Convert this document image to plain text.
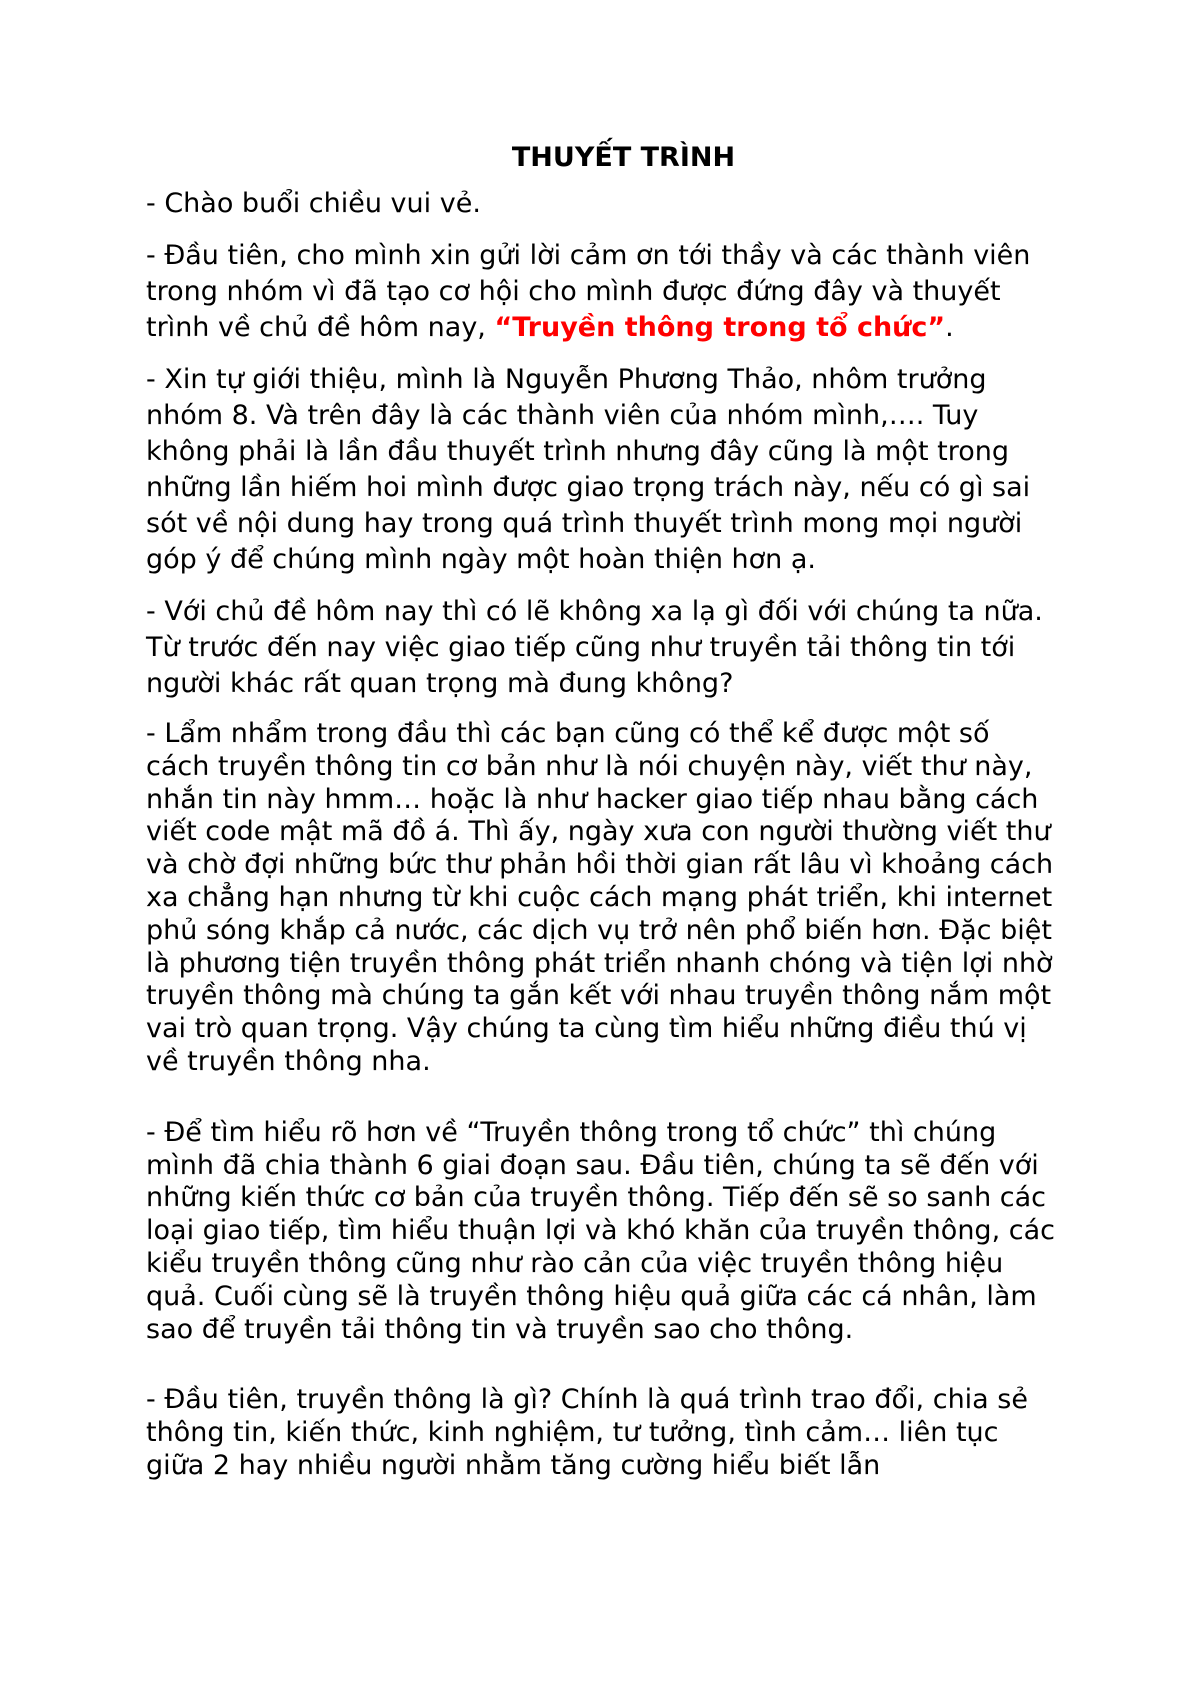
THUYẾT TRÌNH

- Chào buổi chiều vui vẻ.

- Đầu tiên, cho mình xin gửi lời cảm ơn tới thầy và các thành viên trong nhóm vì đã tạo cơ hội cho mình được đứng đây và thuyết trình về chủ đề hôm nay, “Truyền thông trong tổ chức”.

- Xin tự giới thiệu, mình là Nguyễn Phương Thảo, nhôm trưởng nhóm 8. Và trên đây là các thành viên của nhóm mình,…. Tuy không phải là lần đầu thuyết trình nhưng đây cũng là một trong những lần hiếm hoi mình được giao trọng trách này, nếu có gì sai sót về nội dung hay trong quá trình thuyết trình mong mọi người góp ý để chúng mình ngày một hoàn thiện hơn ạ.

- Với chủ đề hôm nay thì có lẽ không xa lạ gì đối với chúng ta nữa. Từ trước đến nay việc giao tiếp cũng như truyền tải thông tin tới người khác rất quan trọng mà đung không?

- Lẩm nhẩm trong đầu thì các bạn cũng có thể kể được một số cách truyền thông tin cơ bản như là nói chuyện này, viết thư này, nhắn tin này hmm… hoặc là như hacker giao tiếp nhau bằng cách viết code mật mã đồ á. Thì ấy, ngày xưa con người thường viết thư và chờ đợi những bức thư phản hồi thời gian rất lâu vì khoảng cách xa chẳng hạn nhưng từ khi cuộc cách mạng phát triển, khi internet phủ sóng khắp cả nước, các dịch vụ trở nên phổ biến hơn. Đặc biệt là phương tiện truyền thông phát triển nhanh chóng và tiện lợi nhờ truyền thông mà chúng ta gắn kết với nhau truyền thông nắm một vai trò quan trọng. Vậy chúng ta cùng tìm hiểu những điều thú vị về truyền thông nha.

- Để tìm hiểu rõ hơn về “Truyền thông trong tổ chức” thì chúng mình đã chia thành 6 giai đoạn sau. Đầu tiên, chúng ta sẽ đến với những kiến thức cơ bản của truyền thông. Tiếp đến sẽ so sanh các loại giao tiếp, tìm hiểu thuận lợi và khó khăn của truyền thông, các kiểu truyền thông cũng như rào cản của việc truyền thông hiệu quả. Cuối cùng sẽ là truyền thông hiệu quả giữa các cá nhân, làm sao để truyền tải thông tin và truyền sao cho thông.

- Đầu tiên, truyền thông là gì? Chính là quá trình trao đổi, chia sẻ thông tin, kiến thức, kinh nghiệm, tư tưởng, tình cảm… liên tục giữa 2 hay nhiều người nhằm tăng cường hiểu biết lẫn
